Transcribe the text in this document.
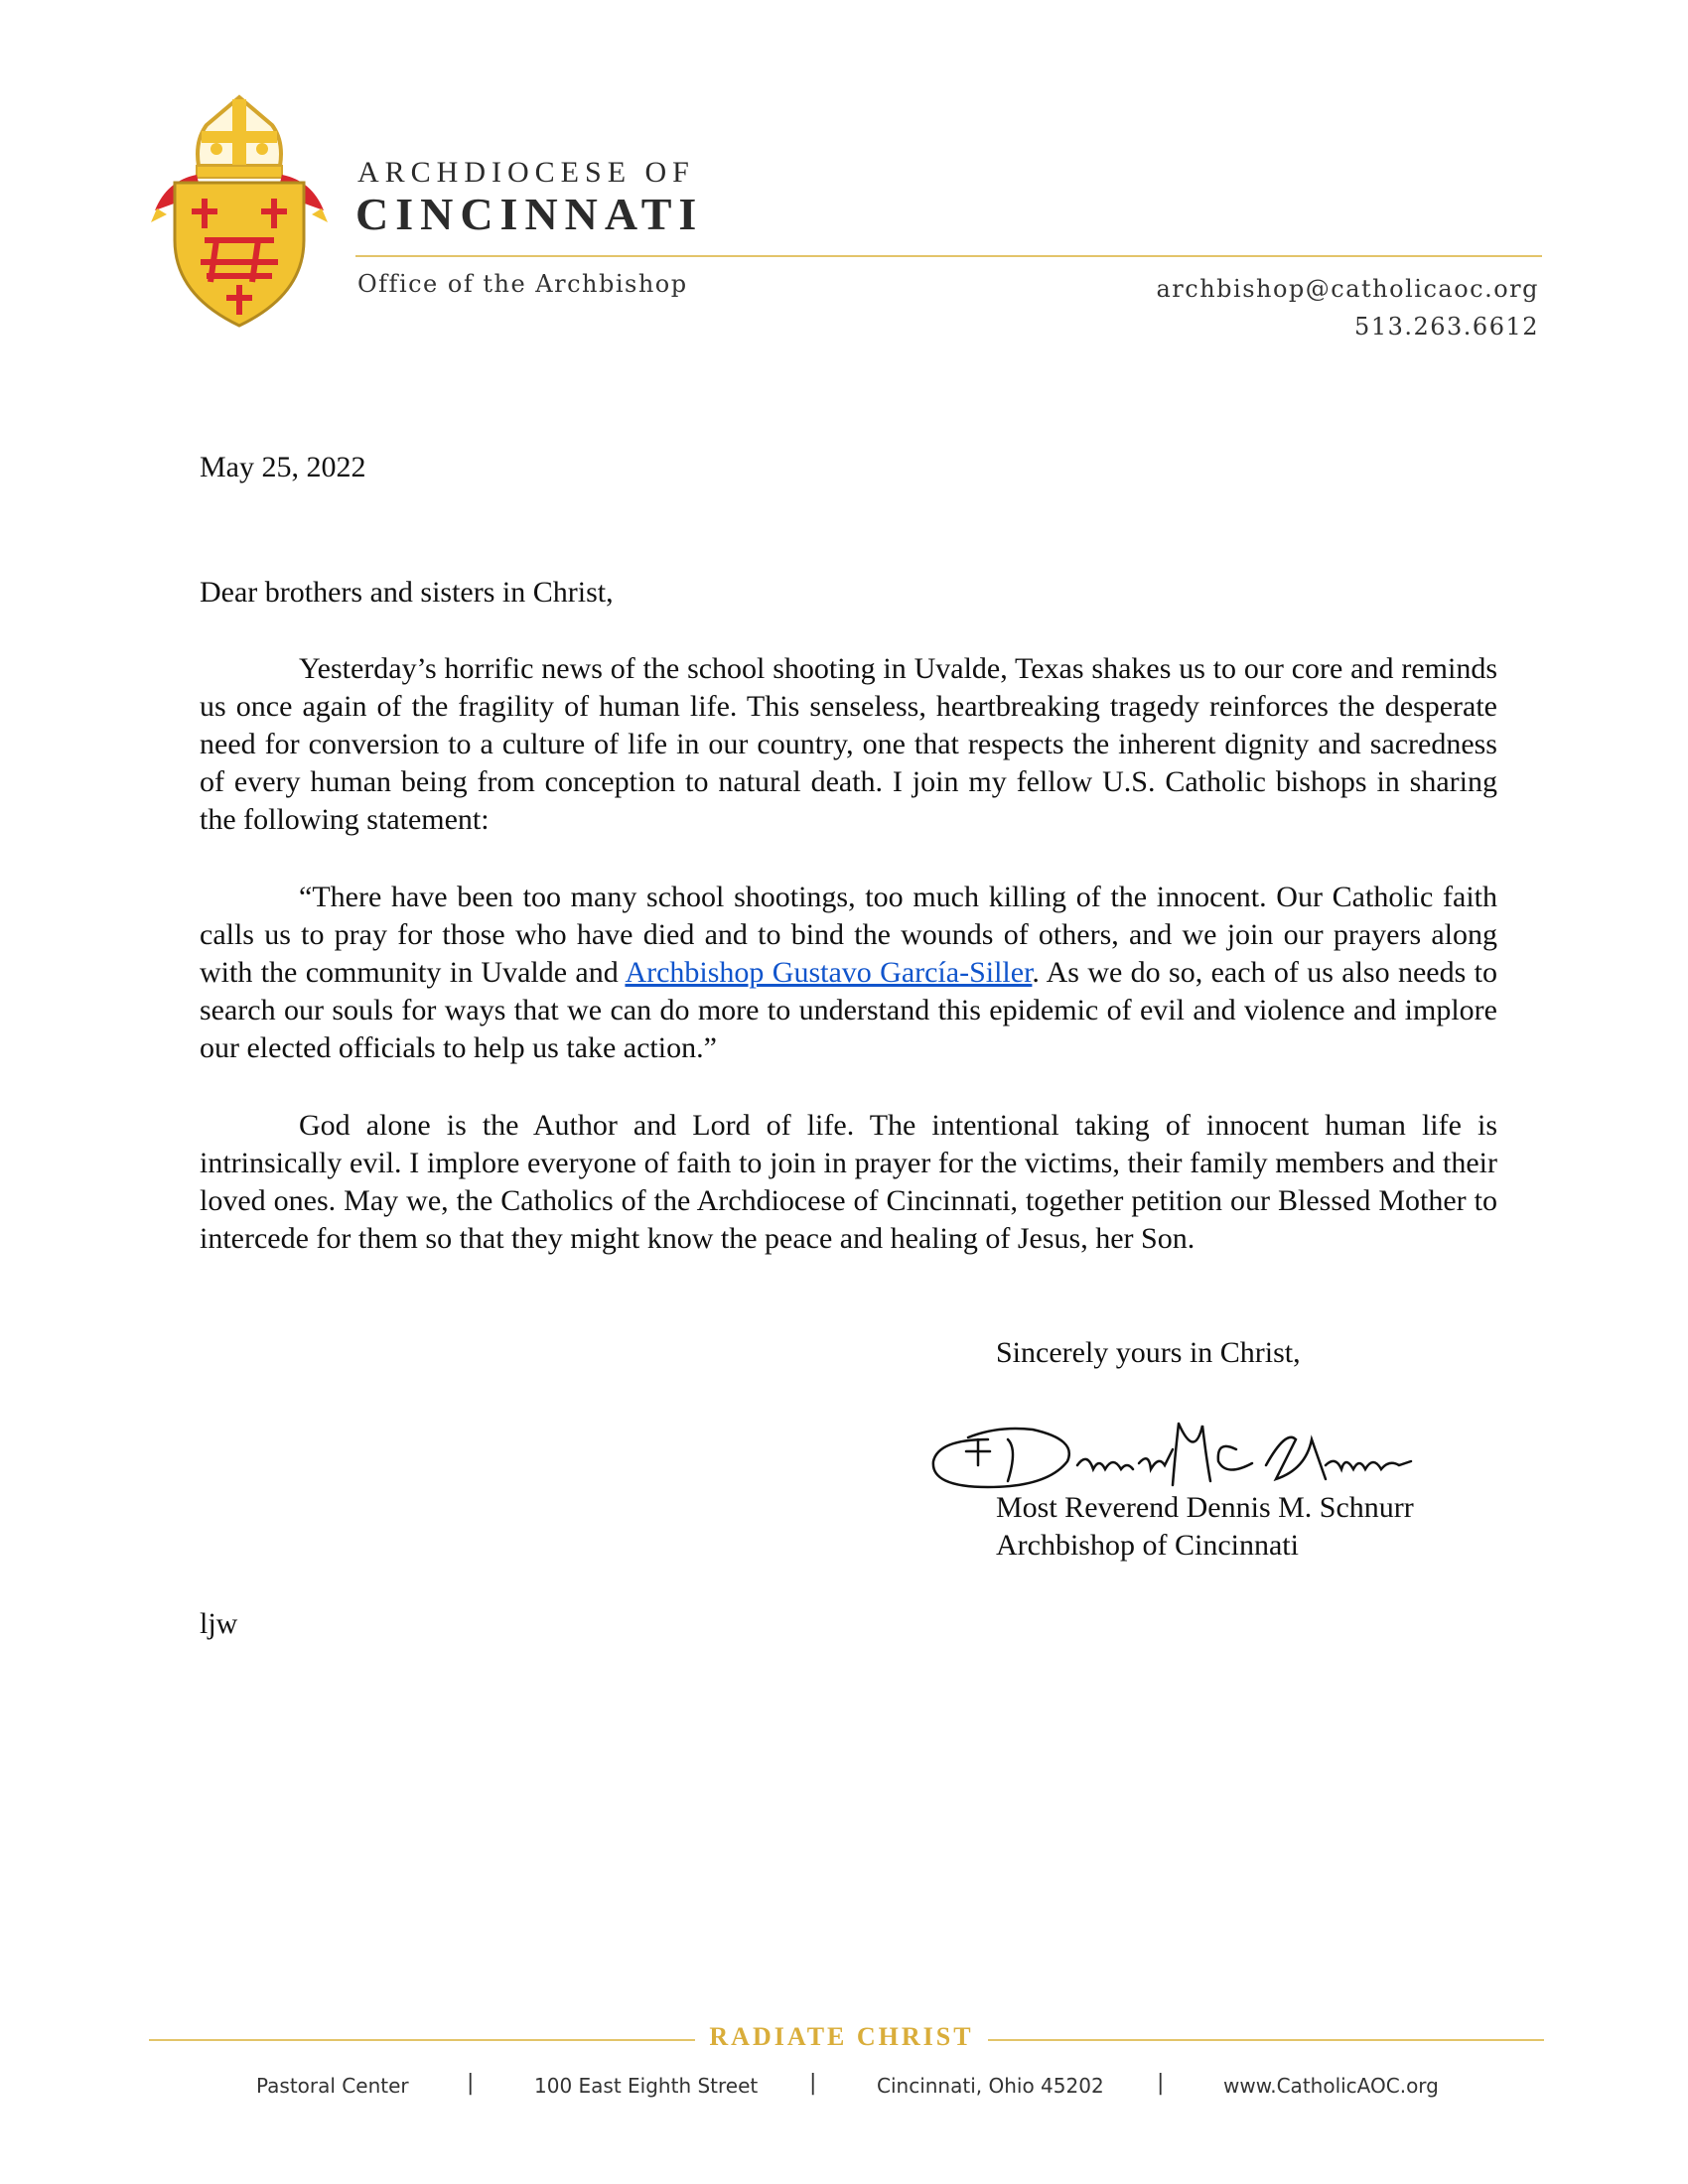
ARCHDIOCESE OF
CINCINNATI
Office of the Archbishop	archbishop@catholicaoc.org
513.263.6612
May 25, 2022
Dear brothers and sisters in Christ,

Yesterday’s horrific news of the school shooting in Uvalde, Texas shakes us to our core and reminds us once again of the fragility of human life. This senseless, heartbreaking tragedy reinforces the desperate need for conversion to a culture of life in our country, one that respects the inherent dignity and sacredness of every human being from conception to natural death. I join my fellow U.S. Catholic bishops in sharing the following statement:

“There have been too many school shootings, too much killing of the innocent. Our Catholic faith calls us to pray for those who have died and to bind the wounds of others, and we join our prayers along with the community in Uvalde and Archbishop Gustavo García-Siller. As we do so, each of us also needs to search our souls for ways that we can do more to understand this epidemic of evil and violence and implore our elected officials to help us take action.”

God alone is the Author and Lord of life. The intentional taking of innocent human life is intrinsically evil. I implore everyone of faith to join in prayer for the victims, their family members and their loved ones. May we, the Catholics of the Archdiocese of Cincinnati, together petition our Blessed Mother to intercede for them so that they might know the peace and healing of Jesus, her Son.

Sincerely yours in Christ,
Most Reverend Dennis M. Schnurr
Archbishop of Cincinnati
ljw
RADIATE CHRIST
Pastoral Center	|	100 East Eighth Street |	Cincinnati, Ohio 45202 |	www.CatholicAOC.org
